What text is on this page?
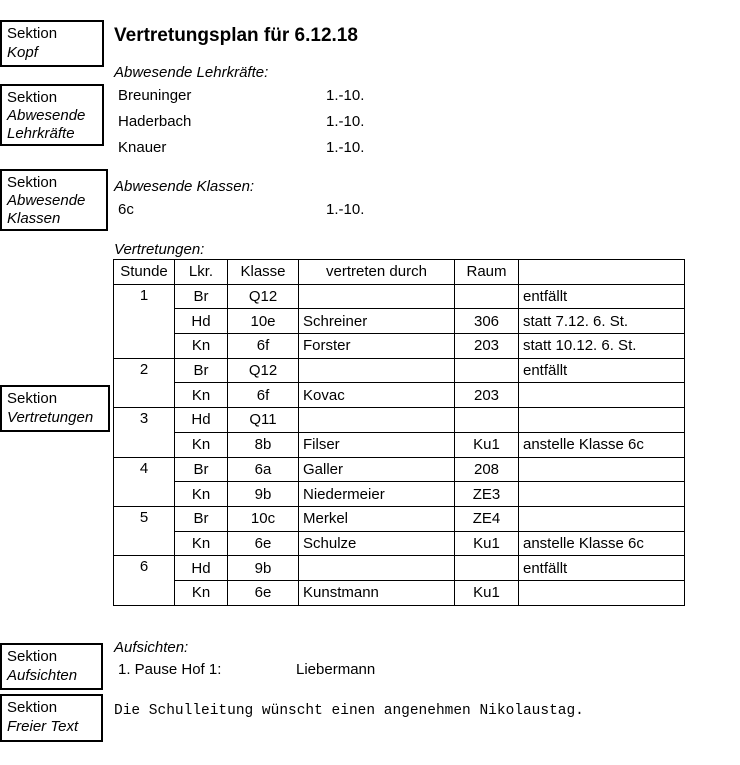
Sektion
Kopf
Sektion
Abwesende Lehrkräfte
Sektion
Abwesende Klassen
Sektion
Vertretungen
Sektion
Aufsichten
Sektion
Freier Text
Vertretungsplan für 6.12.18
Abwesende Lehrkräfte:
Breuninger	1.-10.
Haderbach	1.-10.
Knauer	1.-10.
Abwesende Klassen:
6c	1.-10.
Vertretungen:
Stunde	Lkr.	Klasse	vertreten durch	Raum	
1	Br	Q12			entfällt
	Hd	10e	Schreiner	306	statt 7.12. 6. St.
	Kn	6f	Forster	203	statt 10.12. 6. St.
2	Br	Q12			entfällt
	Kn	6f	Kovac	203	
3	Hd	Q11			
	Kn	8b	Filser	Ku1	anstelle Klasse 6c
4	Br	6a	Galler	208	
	Kn	9b	Niedermeier	ZE3	
5	Br	10c	Merkel	ZE4	
	Kn	6e	Schulze	Ku1	anstelle Klasse 6c
6	Hd	9b			entfällt
	Kn	6e	Kunstmann	Ku1	
Aufsichten:
1. Pause Hof 1:	Liebermann
Die Schulleitung wünscht einen angenehmen Nikolaustag.
